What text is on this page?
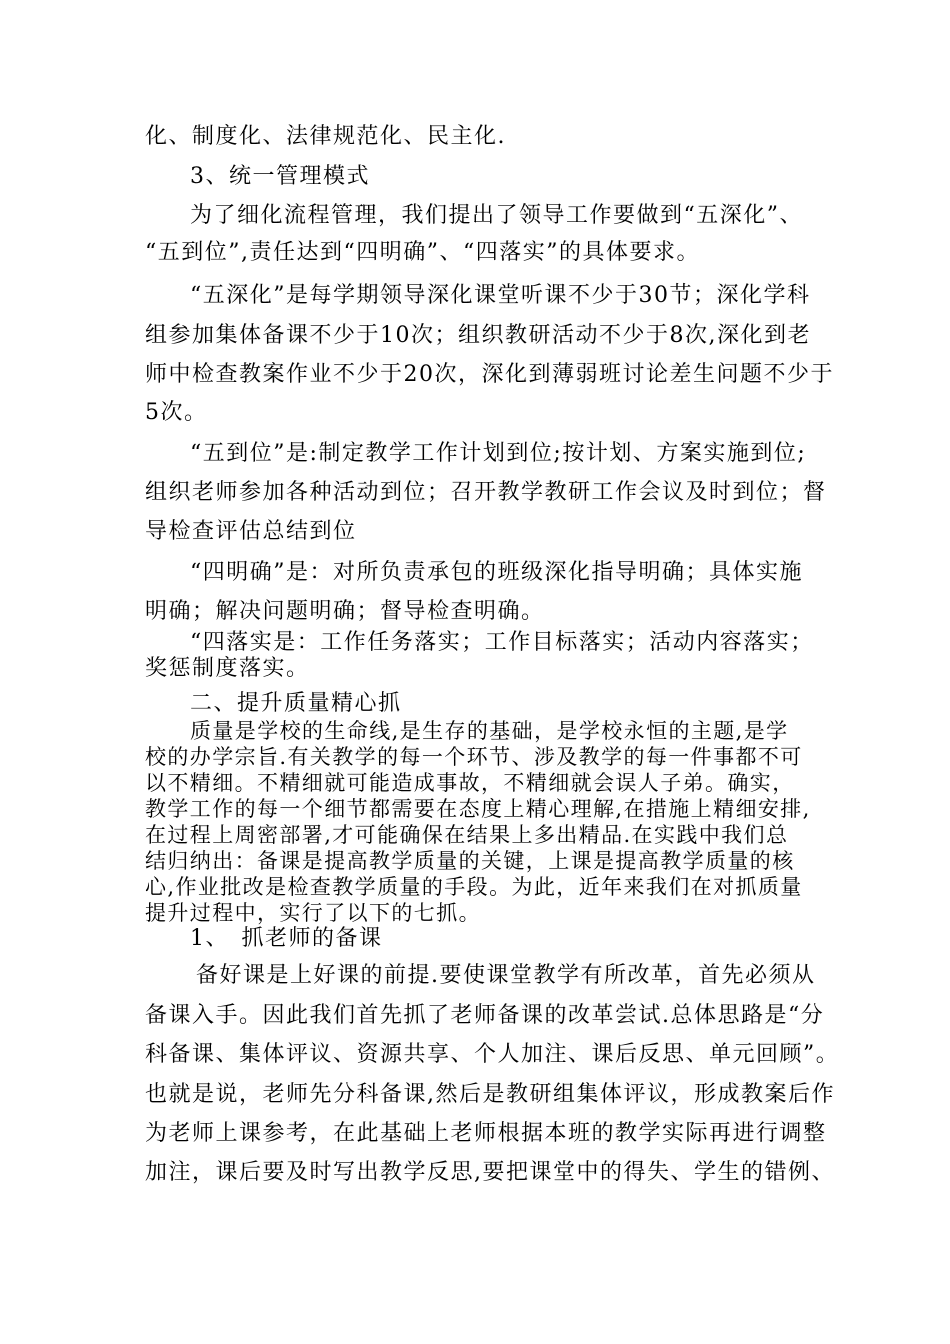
化、制度化、法律规范化、民主化.
3、统一管理模式
为了细化流程管理，我们提出了领导工作要做到“五深化”、
“五到位”,责任达到“四明确”、“四落实”的具体要求。
“五深化”是每学期领导深化课堂听课不少于30节；深化学科
组参加集体备课不少于10次；组织教研活动不少于8次,深化到老
师中检查教案作业不少于20次，深化到薄弱班讨论差生问题不少于
5次。
“五到位”是:制定教学工作计划到位;按计划、方案实施到位;
组织老师参加各种活动到位；召开教学教研工作会议及时到位；督
导检查评估总结到位
“四明确”是：对所负责承包的班级深化指导明确；具体实施
明确；解决问题明确；督导检查明确。
“四落实是：工作任务落实；工作目标落实；活动内容落实；
奖惩制度落实。
二、提升质量精心抓
质量是学校的生命线,是生存的基础，是学校永恒的主题,是学
校的办学宗旨.有关教学的每一个环节、涉及教学的每一件事都不可
以不精细。不精细就可能造成事故，不精细就会误人子弟。确实，
教学工作的每一个细节都需要在态度上精心理解,在措施上精细安排,
在过程上周密部署,才可能确保在结果上多出精品.在实践中我们总
结归纳出：备课是提高教学质量的关键，上课是提高教学质量的核
心,作业批改是检查教学质量的手段。为此，近年来我们在对抓质量
提升过程中，实行了以下的七抓。
1、　抓老师的备课
备好课是上好课的前提.要使课堂教学有所改革，首先必须从
备课入手。因此我们首先抓了老师备课的改革尝试.总体思路是“分
科备课、集体评议、资源共享、个人加注、课后反思、单元回顾”。
也就是说，老师先分科备课,然后是教研组集体评议，形成教案后作
为老师上课参考，在此基础上老师根据本班的教学实际再进行调整
加注，课后要及时写出教学反思,要把课堂中的得失、学生的错例、
